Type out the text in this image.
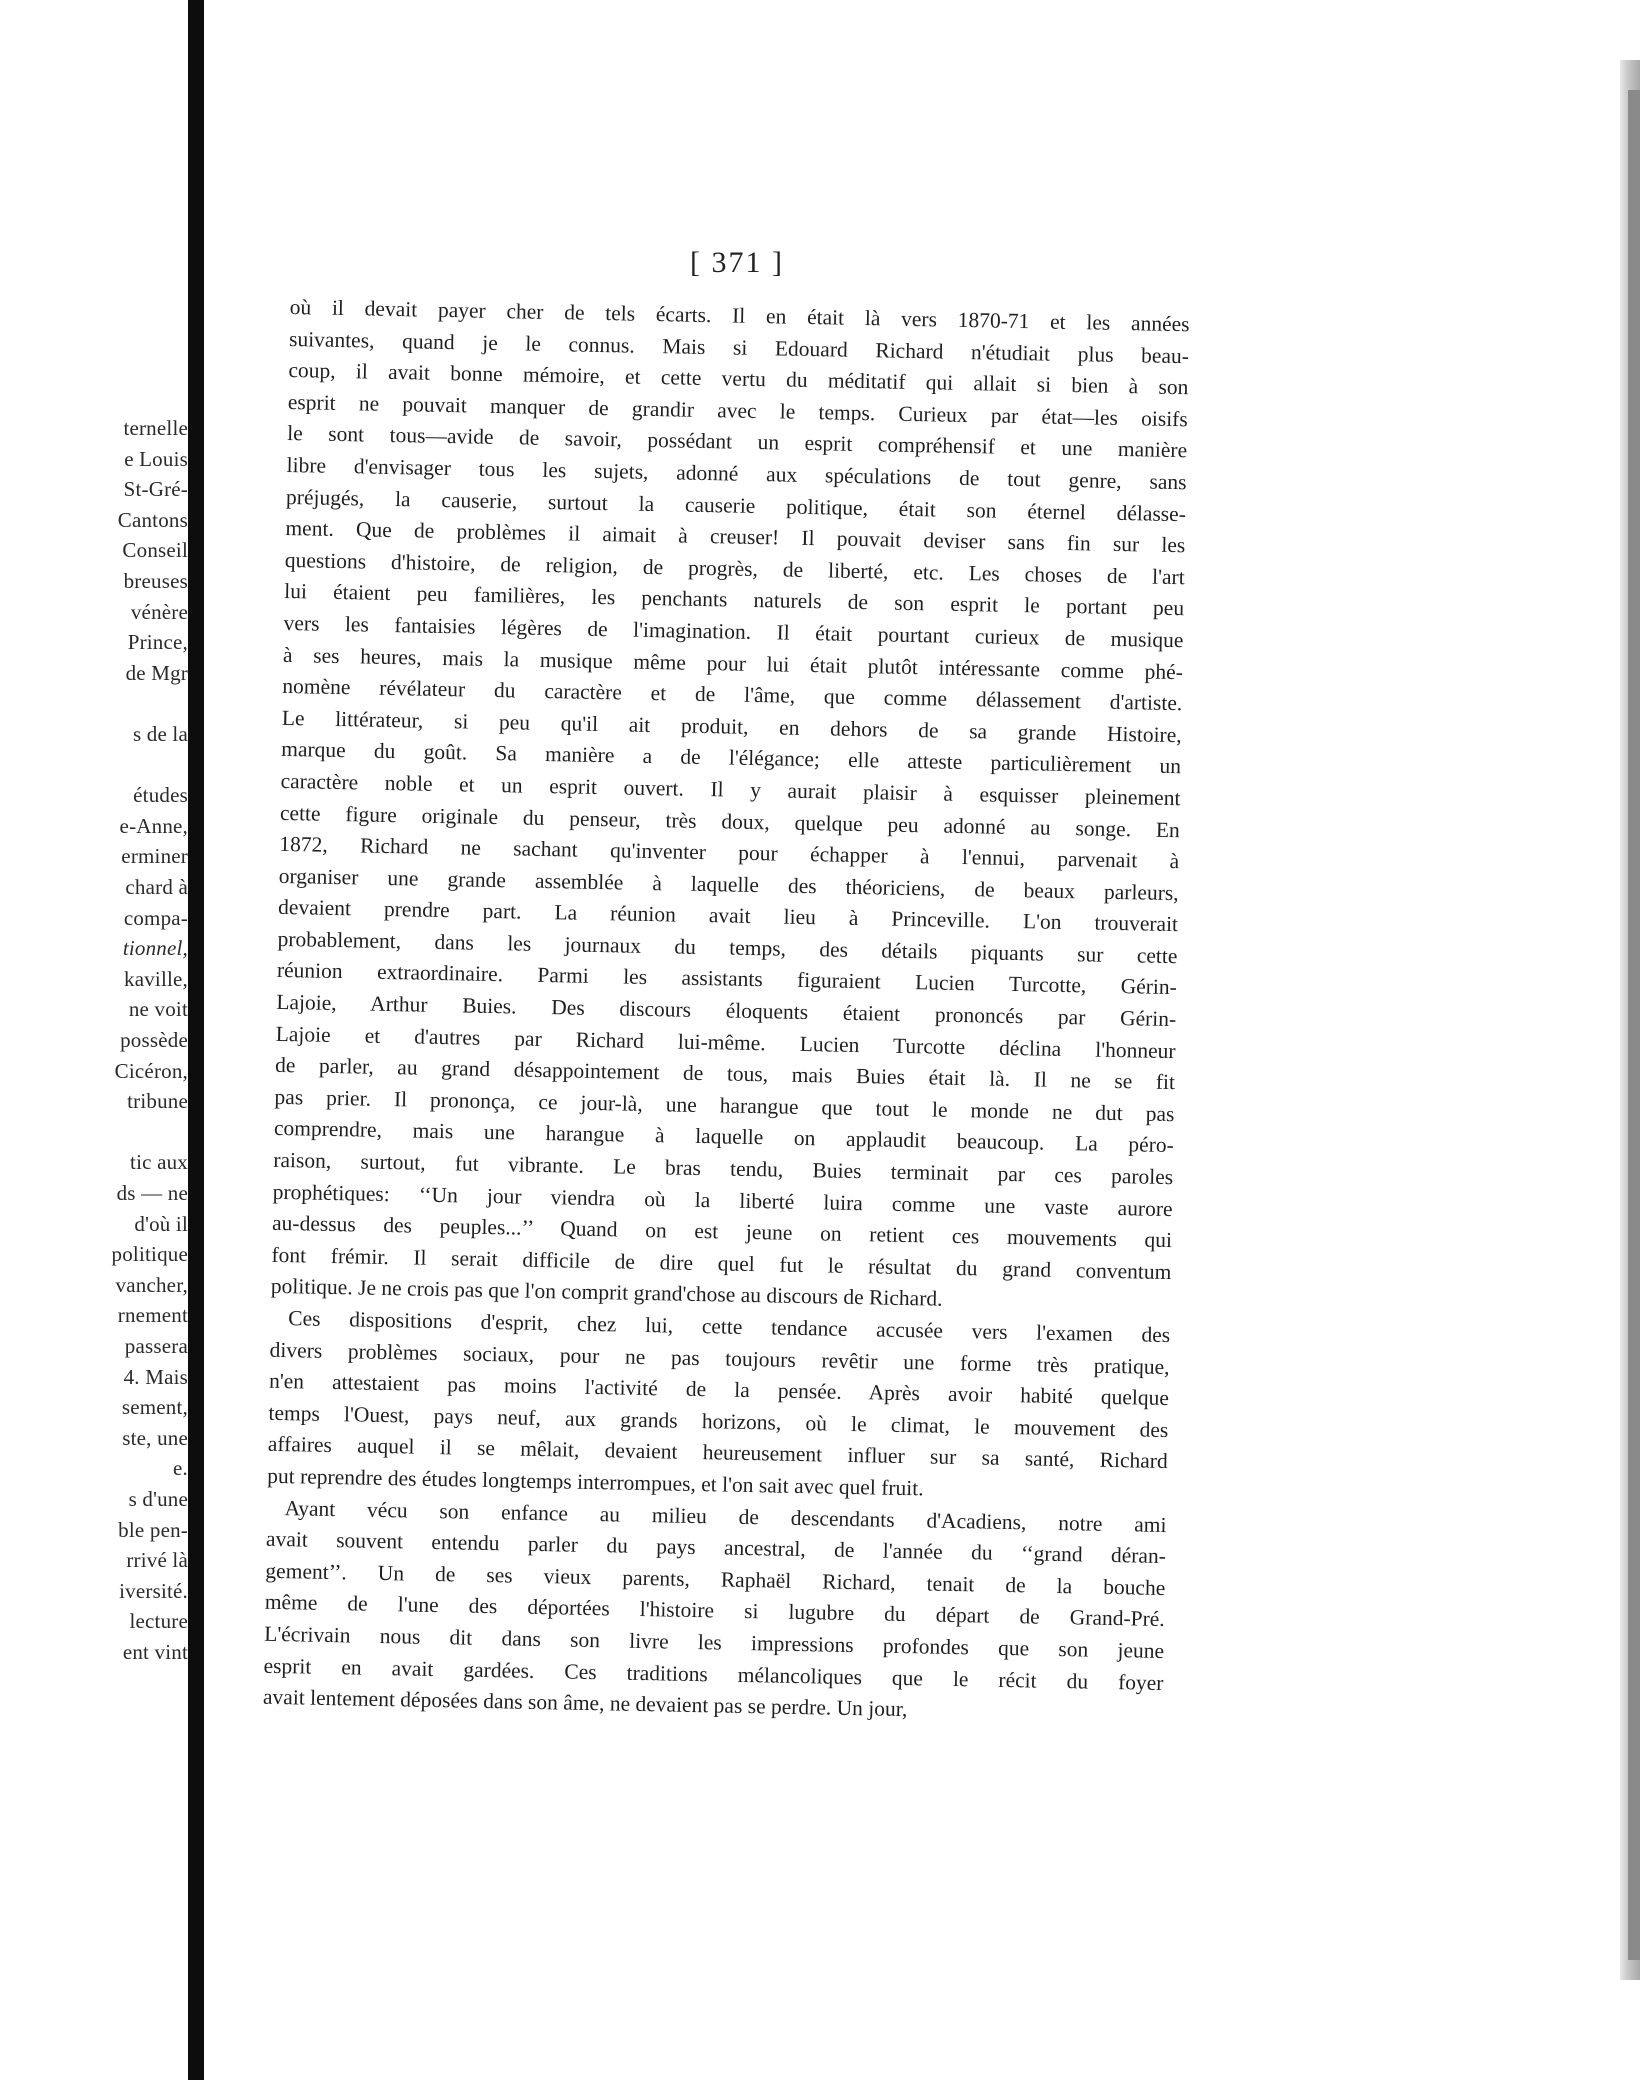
ternelle
e Louis
St-Gré-
Cantons
Conseil
breuses
vénère
Prince,
de Mgr
s de la
études
e-Anne,
erminer
chard à
compa-
tionnel,
kaville,
ne voit
possède
Cicéron,
tribune
tic aux
ds — ne
d'où il
politique
vancher,
rnement
passera
4. Mais
sement,
ste, une
e.
s d'une
ble pen-
rrivé là
iversité.
lecture
ent vint
[ 371 ]
où il devait payer cher de tels écarts. Il en était là vers 1870-71 et les années
suivantes, quand je le connus. Mais si Edouard Richard n'étudiait plus beau-
coup, il avait bonne mémoire, et cette vertu du méditatif qui allait si bien à son
esprit ne pouvait manquer de grandir avec le temps. Curieux par état—les oisifs
le sont tous—avide de savoir, possédant un esprit compréhensif et une manière
libre d'envisager tous les sujets, adonné aux spéculations de tout genre, sans
préjugés, la causerie, surtout la causerie politique, était son éternel délasse-
ment. Que de problèmes il aimait à creuser! Il pouvait deviser sans fin sur les
questions d'histoire, de religion, de progrès, de liberté, etc. Les choses de l'art
lui étaient peu familières, les penchants naturels de son esprit le portant peu
vers les fantaisies légères de l'imagination. Il était pourtant curieux de musique
à ses heures, mais la musique même pour lui était plutôt intéressante comme phé-
nomène révélateur du caractère et de l'âme, que comme délassement d'artiste.
Le littérateur, si peu qu'il ait produit, en dehors de sa grande Histoire,
marque du goût. Sa manière a de l'élégance; elle atteste particulièrement un
caractère noble et un esprit ouvert. Il y aurait plaisir à esquisser pleinement
cette figure originale du penseur, très doux, quelque peu adonné au songe. En
1872, Richard ne sachant qu'inventer pour échapper à l'ennui, parvenait à
organiser une grande assemblée à laquelle des théoriciens, de beaux parleurs,
devaient prendre part. La réunion avait lieu à Princeville. L'on trouverait
probablement, dans les journaux du temps, des détails piquants sur cette
réunion extraordinaire. Parmi les assistants figuraient Lucien Turcotte, Gérin-
Lajoie, Arthur Buies. Des discours éloquents étaient prononcés par Gérin-
Lajoie et d'autres par Richard lui-même. Lucien Turcotte déclina l'honneur
de parler, au grand désappointement de tous, mais Buies était là. Il ne se fit
pas prier. Il prononça, ce jour-là, une harangue que tout le monde ne dut pas
comprendre, mais une harangue à laquelle on applaudit beaucoup. La péro-
raison, surtout, fut vibrante. Le bras tendu, Buies terminait par ces paroles
prophétiques: ‘‘Un jour viendra où la liberté luira comme une vaste aurore
au-dessus des peuples...’’ Quand on est jeune on retient ces mouvements qui
font frémir. Il serait difficile de dire quel fut le résultat du grand conventum
politique. Je ne crois pas que l'on comprit grand'chose au discours de Richard.
Ces dispositions d'esprit, chez lui, cette tendance accusée vers l'examen des
divers problèmes sociaux, pour ne pas toujours revêtir une forme très pratique,
n'en attestaient pas moins l'activité de la pensée. Après avoir habité quelque
temps l'Ouest, pays neuf, aux grands horizons, où le climat, le mouvement des
affaires auquel il se mêlait, devaient heureusement influer sur sa santé, Richard
put reprendre des études longtemps interrompues, et l'on sait avec quel fruit.
Ayant vécu son enfance au milieu de descendants d'Acadiens, notre ami
avait souvent entendu parler du pays ancestral, de l'année du ‘‘grand déran-
gement’’. Un de ses vieux parents, Raphaël Richard, tenait de la bouche
même de l'une des déportées l'histoire si lugubre du départ de Grand-Pré.
L'écrivain nous dit dans son livre les impressions profondes que son jeune
esprit en avait gardées. Ces traditions mélancoliques que le récit du foyer
avait lentement déposées dans son âme, ne devaient pas se perdre. Un jour,
